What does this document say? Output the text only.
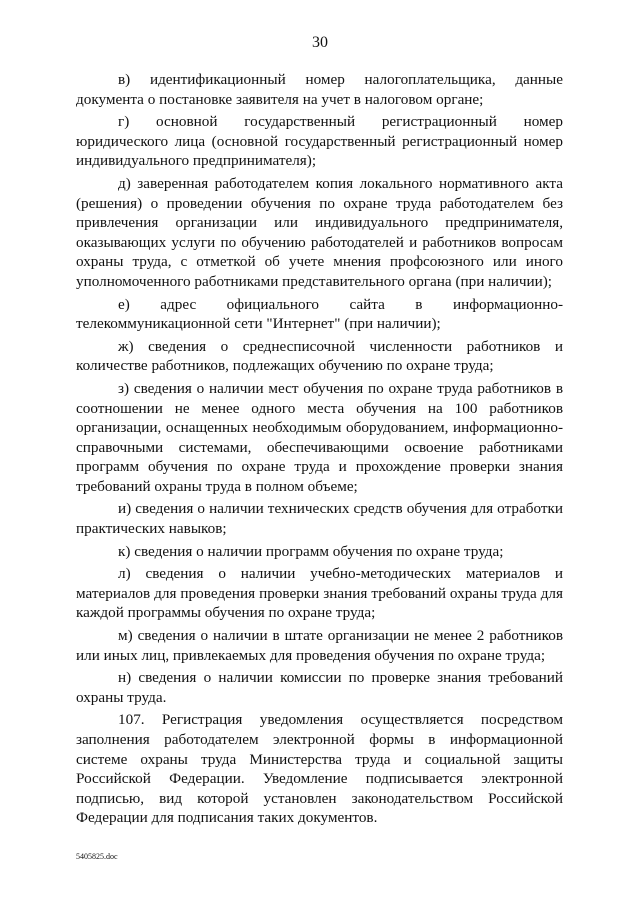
30

в) идентификационный номер налогоплательщика, данные документа о постановке заявителя на учет в налоговом органе;

г) основной государственный регистрационный номер юридического лица (основной государственный регистрационный номер индивидуального предпринимателя);

д) заверенная работодателем копия локального нормативного акта (решения) о проведении обучения по охране труда работодателем без привлечения организации или индивидуального предпринимателя, оказывающих услуги по обучению работодателей и работников вопросам охраны труда, с отметкой об учете мнения профсоюзного или иного уполномоченного работниками представительного органа (при наличии);

е) адрес официального сайта в информационно-телекоммуникационной сети "Интернет" (при наличии);

ж) сведения о среднесписочной численности работников и количестве работников, подлежащих обучению по охране труда;

з) сведения о наличии мест обучения по охране труда работников в соотношении не менее одного места обучения на 100 работников организации, оснащенных необходимым оборудованием, информационно-справочными системами, обеспечивающими освоение работниками программ обучения по охране труда и прохождение проверки знания требований охраны труда в полном объеме;

и) сведения о наличии технических средств обучения для отработки практических навыков;

к) сведения о наличии программ обучения по охране труда;

л) сведения о наличии учебно-методических материалов и материалов для проведения проверки знания требований охраны труда для каждой программы обучения по охране труда;

м) сведения о наличии в штате организации не менее 2 работников или иных лиц, привлекаемых для проведения обучения по охране труда;

н) сведения о наличии комиссии по проверке знания требований охраны труда.

107. Регистрация уведомления осуществляется посредством заполнения работодателем электронной формы в информационной системе охраны труда Министерства труда и социальной защиты Российской Федерации. Уведомление подписывается электронной подписью, вид которой установлен законодательством Российской Федерации для подписания таких документов.

5405825.doc
